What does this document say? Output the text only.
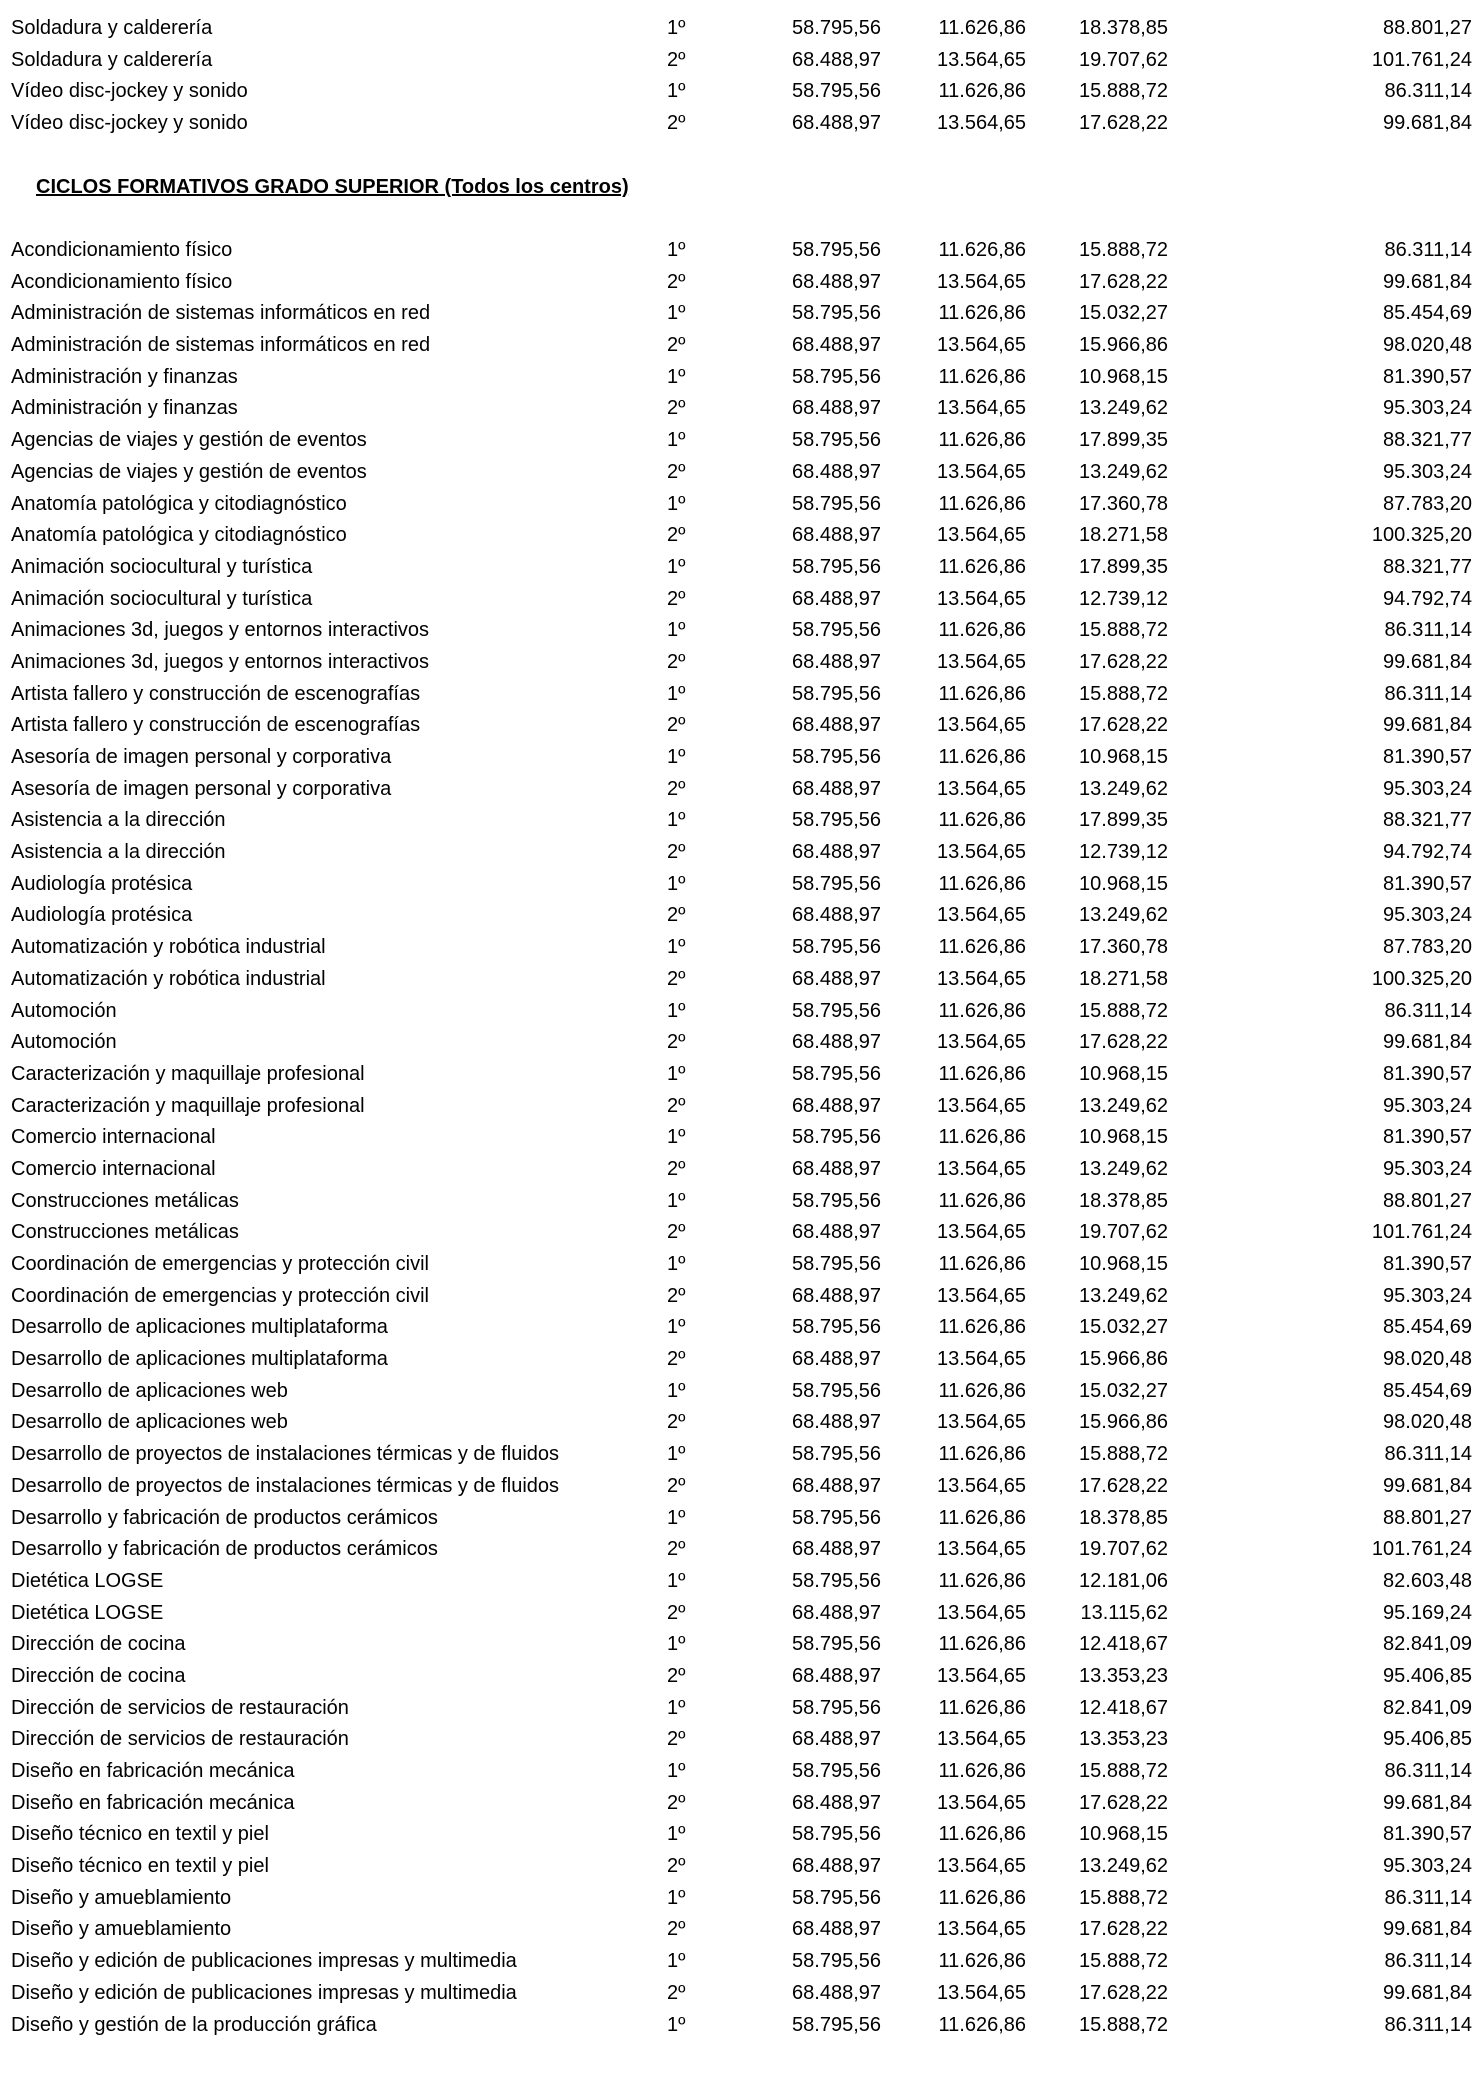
Soldadura y calderería	1º	58.795,56	11.626,86	18.378,85	88.801,27
Soldadura y calderería	2º	68.488,97	13.564,65	19.707,62	101.761,24
Vídeo disc-jockey y sonido	1º	58.795,56	11.626,86	15.888,72	86.311,14
Vídeo disc-jockey y sonido	2º	68.488,97	13.564,65	17.628,22	99.681,84
CICLOS FORMATIVOS GRADO SUPERIOR (Todos los centros)
Acondicionamiento físico	1º	58.795,56	11.626,86	15.888,72	86.311,14
Acondicionamiento físico	2º	68.488,97	13.564,65	17.628,22	99.681,84
Administración de sistemas informáticos en red	1º	58.795,56	11.626,86	15.032,27	85.454,69
Administración de sistemas informáticos en red	2º	68.488,97	13.564,65	15.966,86	98.020,48
Administración y finanzas	1º	58.795,56	11.626,86	10.968,15	81.390,57
Administración y finanzas	2º	68.488,97	13.564,65	13.249,62	95.303,24
Agencias de viajes y gestión de eventos	1º	58.795,56	11.626,86	17.899,35	88.321,77
Agencias de viajes y gestión de eventos	2º	68.488,97	13.564,65	13.249,62	95.303,24
Anatomía patológica y citodiagnóstico	1º	58.795,56	11.626,86	17.360,78	87.783,20
Anatomía patológica y citodiagnóstico	2º	68.488,97	13.564,65	18.271,58	100.325,20
Animación sociocultural y turística	1º	58.795,56	11.626,86	17.899,35	88.321,77
Animación sociocultural y turística	2º	68.488,97	13.564,65	12.739,12	94.792,74
Animaciones 3d, juegos y entornos interactivos	1º	58.795,56	11.626,86	15.888,72	86.311,14
Animaciones 3d, juegos y entornos interactivos	2º	68.488,97	13.564,65	17.628,22	99.681,84
Artista fallero y construcción de escenografías	1º	58.795,56	11.626,86	15.888,72	86.311,14
Artista fallero y construcción de escenografías	2º	68.488,97	13.564,65	17.628,22	99.681,84
Asesoría de imagen personal y corporativa	1º	58.795,56	11.626,86	10.968,15	81.390,57
Asesoría de imagen personal y corporativa	2º	68.488,97	13.564,65	13.249,62	95.303,24
Asistencia a la dirección	1º	58.795,56	11.626,86	17.899,35	88.321,77
Asistencia a la dirección	2º	68.488,97	13.564,65	12.739,12	94.792,74
Audiología protésica	1º	58.795,56	11.626,86	10.968,15	81.390,57
Audiología protésica	2º	68.488,97	13.564,65	13.249,62	95.303,24
Automatización y robótica industrial	1º	58.795,56	11.626,86	17.360,78	87.783,20
Automatización y robótica industrial	2º	68.488,97	13.564,65	18.271,58	100.325,20
Automoción	1º	58.795,56	11.626,86	15.888,72	86.311,14
Automoción	2º	68.488,97	13.564,65	17.628,22	99.681,84
Caracterización y maquillaje profesional	1º	58.795,56	11.626,86	10.968,15	81.390,57
Caracterización y maquillaje profesional	2º	68.488,97	13.564,65	13.249,62	95.303,24
Comercio internacional	1º	58.795,56	11.626,86	10.968,15	81.390,57
Comercio internacional	2º	68.488,97	13.564,65	13.249,62	95.303,24
Construcciones metálicas	1º	58.795,56	11.626,86	18.378,85	88.801,27
Construcciones metálicas	2º	68.488,97	13.564,65	19.707,62	101.761,24
Coordinación de emergencias y protección civil	1º	58.795,56	11.626,86	10.968,15	81.390,57
Coordinación de emergencias y protección civil	2º	68.488,97	13.564,65	13.249,62	95.303,24
Desarrollo de aplicaciones multiplataforma	1º	58.795,56	11.626,86	15.032,27	85.454,69
Desarrollo de aplicaciones multiplataforma	2º	68.488,97	13.564,65	15.966,86	98.020,48
Desarrollo de aplicaciones web	1º	58.795,56	11.626,86	15.032,27	85.454,69
Desarrollo de aplicaciones web	2º	68.488,97	13.564,65	15.966,86	98.020,48
Desarrollo de proyectos de instalaciones térmicas y de fluidos	1º	58.795,56	11.626,86	15.888,72	86.311,14
Desarrollo de proyectos de instalaciones térmicas y de fluidos	2º	68.488,97	13.564,65	17.628,22	99.681,84
Desarrollo y fabricación de productos cerámicos	1º	58.795,56	11.626,86	18.378,85	88.801,27
Desarrollo y fabricación de productos cerámicos	2º	68.488,97	13.564,65	19.707,62	101.761,24
Dietética LOGSE	1º	58.795,56	11.626,86	12.181,06	82.603,48
Dietética LOGSE	2º	68.488,97	13.564,65	13.115,62	95.169,24
Dirección de cocina	1º	58.795,56	11.626,86	12.418,67	82.841,09
Dirección de cocina	2º	68.488,97	13.564,65	13.353,23	95.406,85
Dirección de servicios de restauración	1º	58.795,56	11.626,86	12.418,67	82.841,09
Dirección de servicios de restauración	2º	68.488,97	13.564,65	13.353,23	95.406,85
Diseño en fabricación mecánica	1º	58.795,56	11.626,86	15.888,72	86.311,14
Diseño en fabricación mecánica	2º	68.488,97	13.564,65	17.628,22	99.681,84
Diseño técnico en textil y piel	1º	58.795,56	11.626,86	10.968,15	81.390,57
Diseño técnico en textil y piel	2º	68.488,97	13.564,65	13.249,62	95.303,24
Diseño y amueblamiento	1º	58.795,56	11.626,86	15.888,72	86.311,14
Diseño y amueblamiento	2º	68.488,97	13.564,65	17.628,22	99.681,84
Diseño y edición de publicaciones impresas y multimedia	1º	58.795,56	11.626,86	15.888,72	86.311,14
Diseño y edición de publicaciones impresas y multimedia	2º	68.488,97	13.564,65	17.628,22	99.681,84
Diseño y gestión de la producción gráfica	1º	58.795,56	11.626,86	15.888,72	86.311,14
